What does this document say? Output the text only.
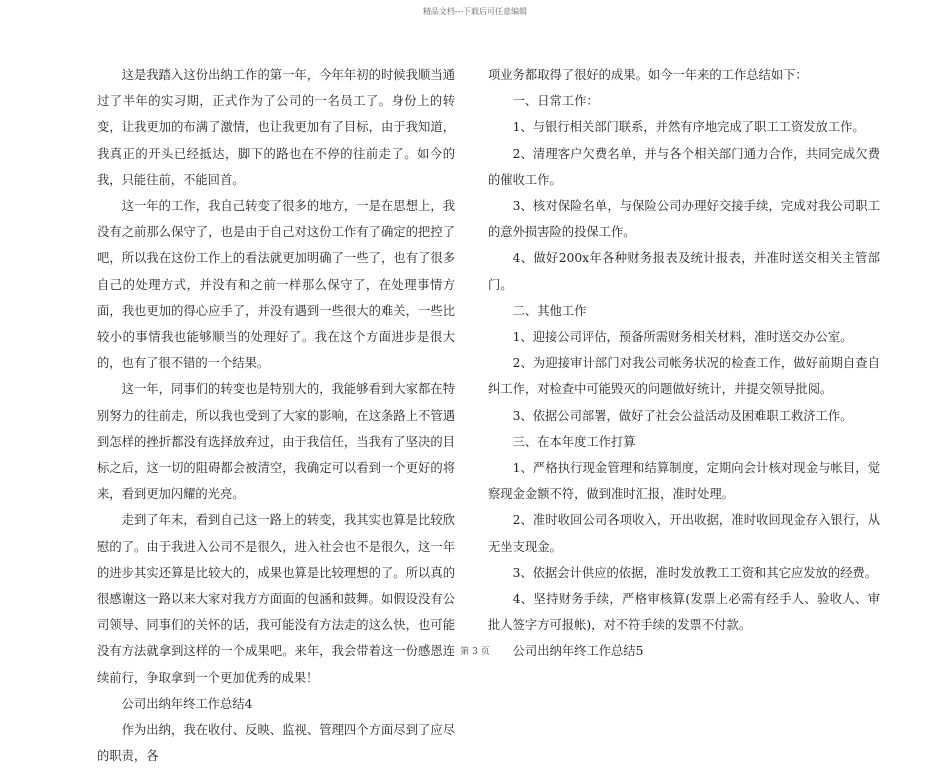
精品文档---下载后可任意编辑

这是我踏入这份出纳工作的第一年，今年年初的时候我顺当通过了半年的实习期，正式作为了公司的一名员工了。身份上的转变，让我更加的布满了激情，也让我更加有了目标，由于我知道，我真正的开头已经抵达，脚下的路也在不停的往前走了。如今的我，只能往前，不能回首。

这一年的工作，我自己转变了很多的地方，一是在思想上，我没有之前那么保守了，也是由于自己对这份工作有了确定的把控了吧，所以我在这份工作上的看法就更加明确了一些了，也有了很多自己的处理方式，并没有和之前一样那么保守了，在处理事情方面，我也更加的得心应手了，并没有遇到一些很大的难关，一些比较小的事情我也能够顺当的处理好了。我在这个方面进步是很大的，也有了很不错的一个结果。

这一年，同事们的转变也是特别大的，我能够看到大家都在特别努力的往前走，所以我也受到了大家的影响，在这条路上不管遇到怎样的挫折都没有选择放弃过，由于我信任，当我有了坚决的目标之后，这一切的阻碍都会被清空，我确定可以看到一个更好的将来，看到更加闪耀的光亮。

走到了年末，看到自己这一路上的转变，我其实也算是比较欣慰的了。由于我进入公司不是很久，进入社会也不是很久，这一年的进步其实还算是比较大的，成果也算是比较理想的了。所以真的很感谢这一路以来大家对我方方面面的包涵和鼓舞。如假设没有公司领导、同事们的关怀的话，我可能没有方法走的这么快，也可能没有方法就拿到这样的一个成果吧。来年，我会带着这一份感恩连续前行，争取拿到一个更加优秀的成果！

公司出纳年终工作总结4

作为出纳，我在收付、反映、监视、管理四个方面尽到了应尽的职责，各

项业务都取得了很好的成果。如今一年来的工作总结如下：

一、日常工作：

1、与银行相关部门联系，并然有序地完成了职工工资发放工作。

2、清理客户欠费名单，并与各个相关部门通力合作，共同完成欠费的催收工作。

3、核对保险名单，与保险公司办理好交接手续，完成对我公司职工的意外损害险的投保工作。

4、做好200x年各种财务报表及统计报表，并准时送交相关主管部门。

二、其他工作

1、迎接公司评估，预备所需财务相关材料，准时送交办公室。

2、为迎接审计部门对我公司帐务状况的检查工作，做好前期自查自纠工作，对检查中可能毁灭的问题做好统计，并提交领导批阅。

3、依据公司部署，做好了社会公益活动及困难职工救济工作。

三、在本年度工作打算

1、严格执行现金管理和结算制度，定期向会计核对现金与帐目，觉察现金金额不符，做到准时汇报，准时处理。

2、准时收回公司各项收入，开出收据，准时收回现金存入银行，从无坐支现金。

3、依据会计供应的依据，准时发放教工工资和其它应发放的经费。

4、坚持财务手续，严格审核算(发票上必需有经手人、验收人、审批人签字方可报帐)，对不符手续的发票不付款。

公司出纳年终工作总结5

第 3 页
